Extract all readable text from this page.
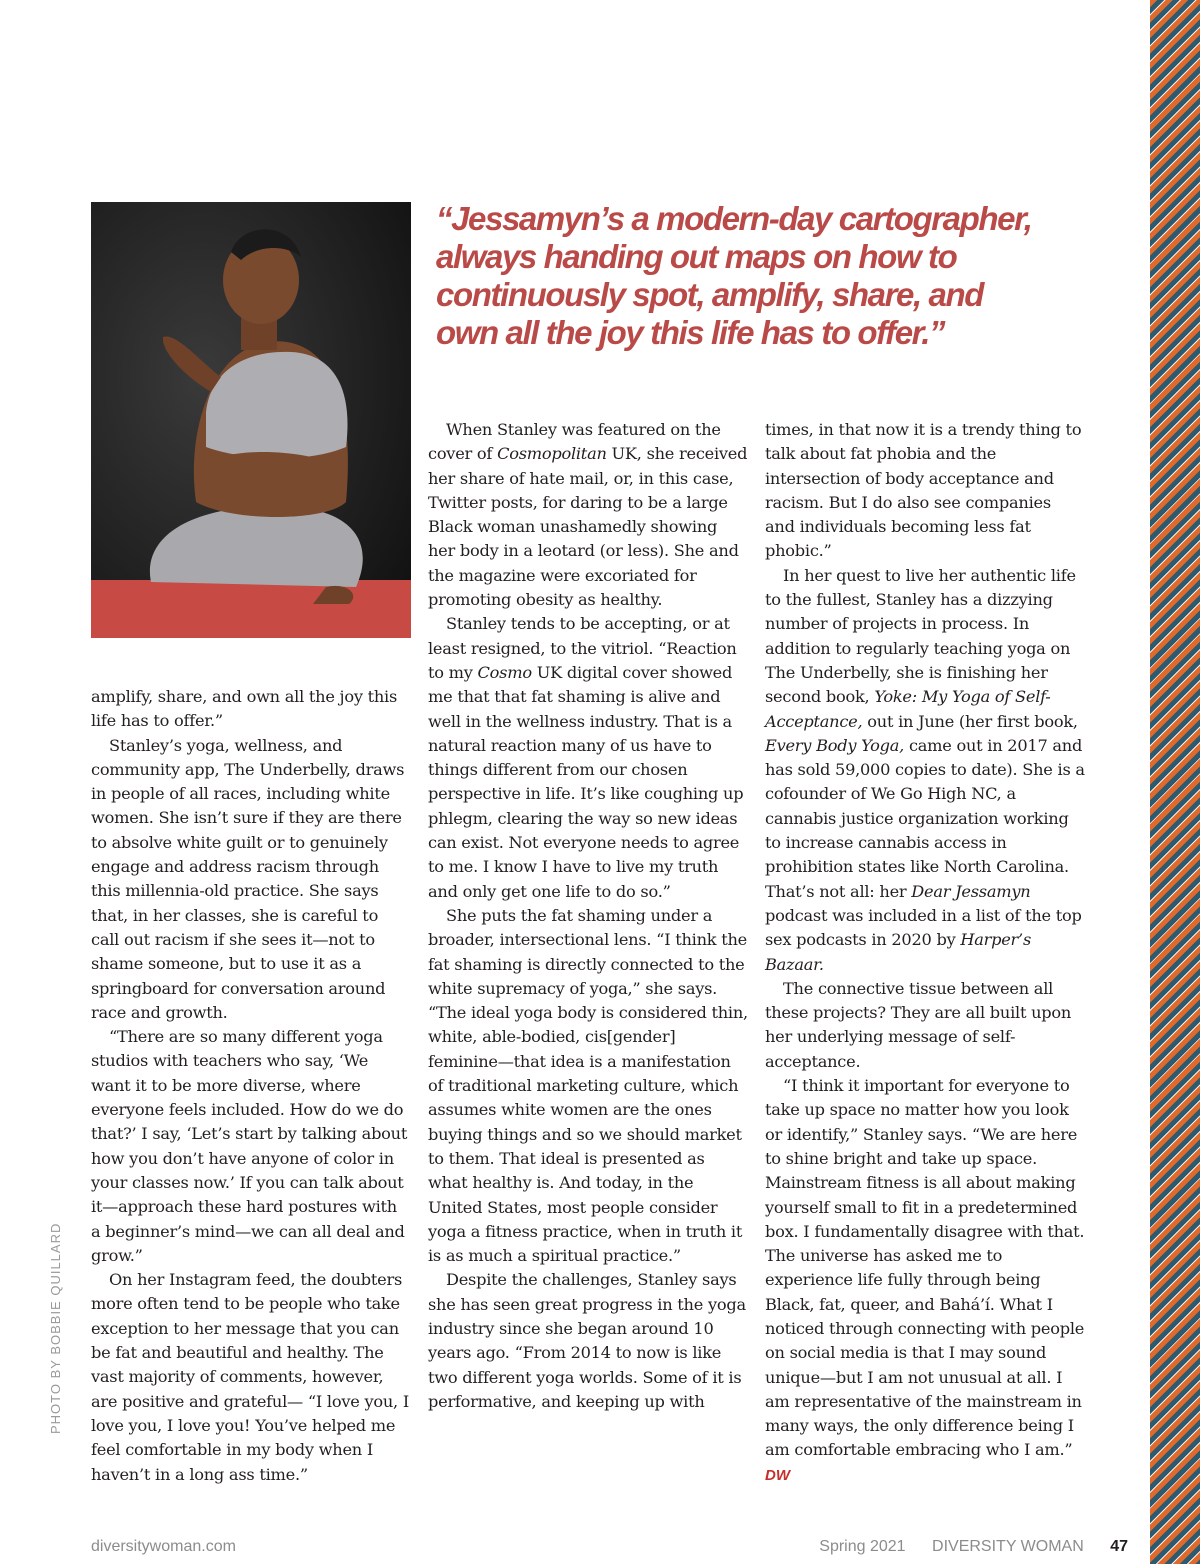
“Jessamyn’s a modern-day cartographer, always handing out maps on how to continuously spot, amplify, share, and own all the joy this life has to offer.”

amplify, share, and own all the joy this life has to offer.”

Stanley’s yoga, wellness, and community app, The Underbelly, draws in people of all races, including white women. She isn’t sure if they are there to absolve white guilt or to genuinely engage and address racism through this millennia-old practice. She says that, in her classes, she is careful to call out racism if she sees it—not to shame someone, but to use it as a springboard for conversation around race and growth.

“There are so many different yoga studios with teachers who say, ‘We want it to be more diverse, where everyone feels included. How do we do that?’ I say, ‘Let’s start by talking about how you don’t have anyone of color in your classes now.’ If you can talk about it—approach these hard postures with a beginner’s mind—we can all deal and grow.”

On her Instagram feed, the doubters more often tend to be people who take exception to her message that you can be fat and beautiful and healthy. The vast majority of comments, however, are positive and grateful— “I love you, I love you, I love you! You’ve helped me feel comfortable in my body when I haven’t in a long ass time.”

When Stanley was featured on the cover of Cosmopolitan UK, she received her share of hate mail, or, in this case, Twitter posts, for daring to be a large Black woman unashamedly showing her body in a leotard (or less). She and the magazine were excoriated for promoting obesity as healthy.

Stanley tends to be accepting, or at least resigned, to the vitriol. “Reaction to my Cosmo UK digital cover showed me that that fat shaming is alive and well in the wellness industry. That is a natural reaction many of us have to things different from our chosen perspective in life. It’s like coughing up phlegm, clearing the way so new ideas can exist. Not everyone needs to agree to me. I know I have to live my truth and only get one life to do so.”

She puts the fat shaming under a broader, intersectional lens. “I think the fat shaming is directly connected to the white supremacy of yoga,” she says. “The ideal yoga body is considered thin, white, able-bodied, cis[gender] feminine—that idea is a manifestation of traditional marketing culture, which assumes white women are the ones buying things and so we should market to them. That ideal is presented as what healthy is. And today, in the United States, most people consider yoga a fitness practice, when in truth it is as much a spiritual practice.”

Despite the challenges, Stanley says she has seen great progress in the yoga industry since she began around 10 years ago. “From 2014 to now is like two different yoga worlds. Some of it is performative, and keeping up with

times, in that now it is a trendy thing to talk about fat phobia and the intersection of body acceptance and racism. But I do also see companies and individuals becoming less fat phobic.”

In her quest to live her authentic life to the fullest, Stanley has a dizzying number of projects in process. In addition to regularly teaching yoga on The Underbelly, she is finishing her second book, Yoke: My Yoga of Self-Acceptance, out in June (her first book, Every Body Yoga, came out in 2017 and has sold 59,000 copies to date). She is a cofounder of We Go High NC, a cannabis justice organization working to increase cannabis access in prohibition states like North Carolina. That’s not all: her Dear Jessamyn podcast was included in a list of the top sex podcasts in 2020 by Harper’s Bazaar.

The connective tissue between all these projects? They are all built upon her underlying message of self-acceptance.

“I think it important for everyone to take up space no matter how you look or identify,” Stanley says. “We are here to shine bright and take up space. Mainstream fitness is all about making yourself small to fit in a predetermined box. I fundamentally disagree with that. The universe has asked me to experience life fully through being Black, fat, queer, and Bahá’í. What I noticed through connecting with people on social media is that I may sound unique—but I am not unusual at all. I am representative of the mainstream in many ways, the only difference being I am comfortable embracing who I am.” DW

PHOTO BY BOBBIE QUILLARD
diversitywoman.com	Spring 2021 DIVERSITY WOMAN 47
